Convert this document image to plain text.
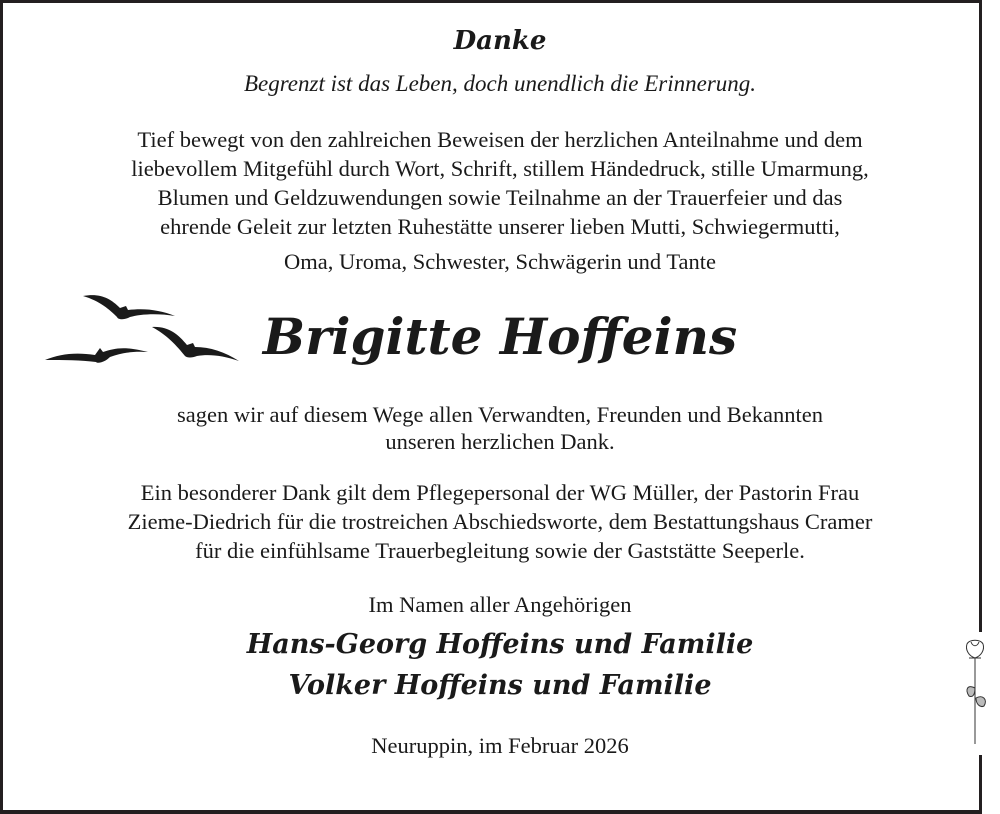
Danke
Begrenzt ist das Leben, doch unendlich die Erinnerung.
Tief bewegt von den zahlreichen Beweisen der herzlichen Anteilnahme und dem
liebevollem Mitgefühl durch Wort, Schrift, stillem Händedruck, stille Umarmung,
Blumen und Geldzuwendungen sowie Teilnahme an der Trauerfeier und das
ehrende Geleit zur letzten Ruhestätte unserer lieben Mutti, Schwiegermutti,
Oma, Uroma, Schwester, Schwägerin und Tante
Brigitte Hoffeins
sagen wir auf diesem Wege allen Verwandten, Freunden und Bekannten
unseren herzlichen Dank.
Ein besonderer Dank gilt dem Pflegepersonal der WG Müller, der Pastorin Frau
Zieme-Diedrich für die trostreichen Abschiedsworte, dem Bestattungshaus Cramer
für die einfühlsame Trauerbegleitung sowie der Gaststätte Seeperle.
Im Namen aller Angehörigen
Hans-Georg Hoffeins und Familie
Volker Hoffeins und Familie
Neuruppin, im Februar 2026
